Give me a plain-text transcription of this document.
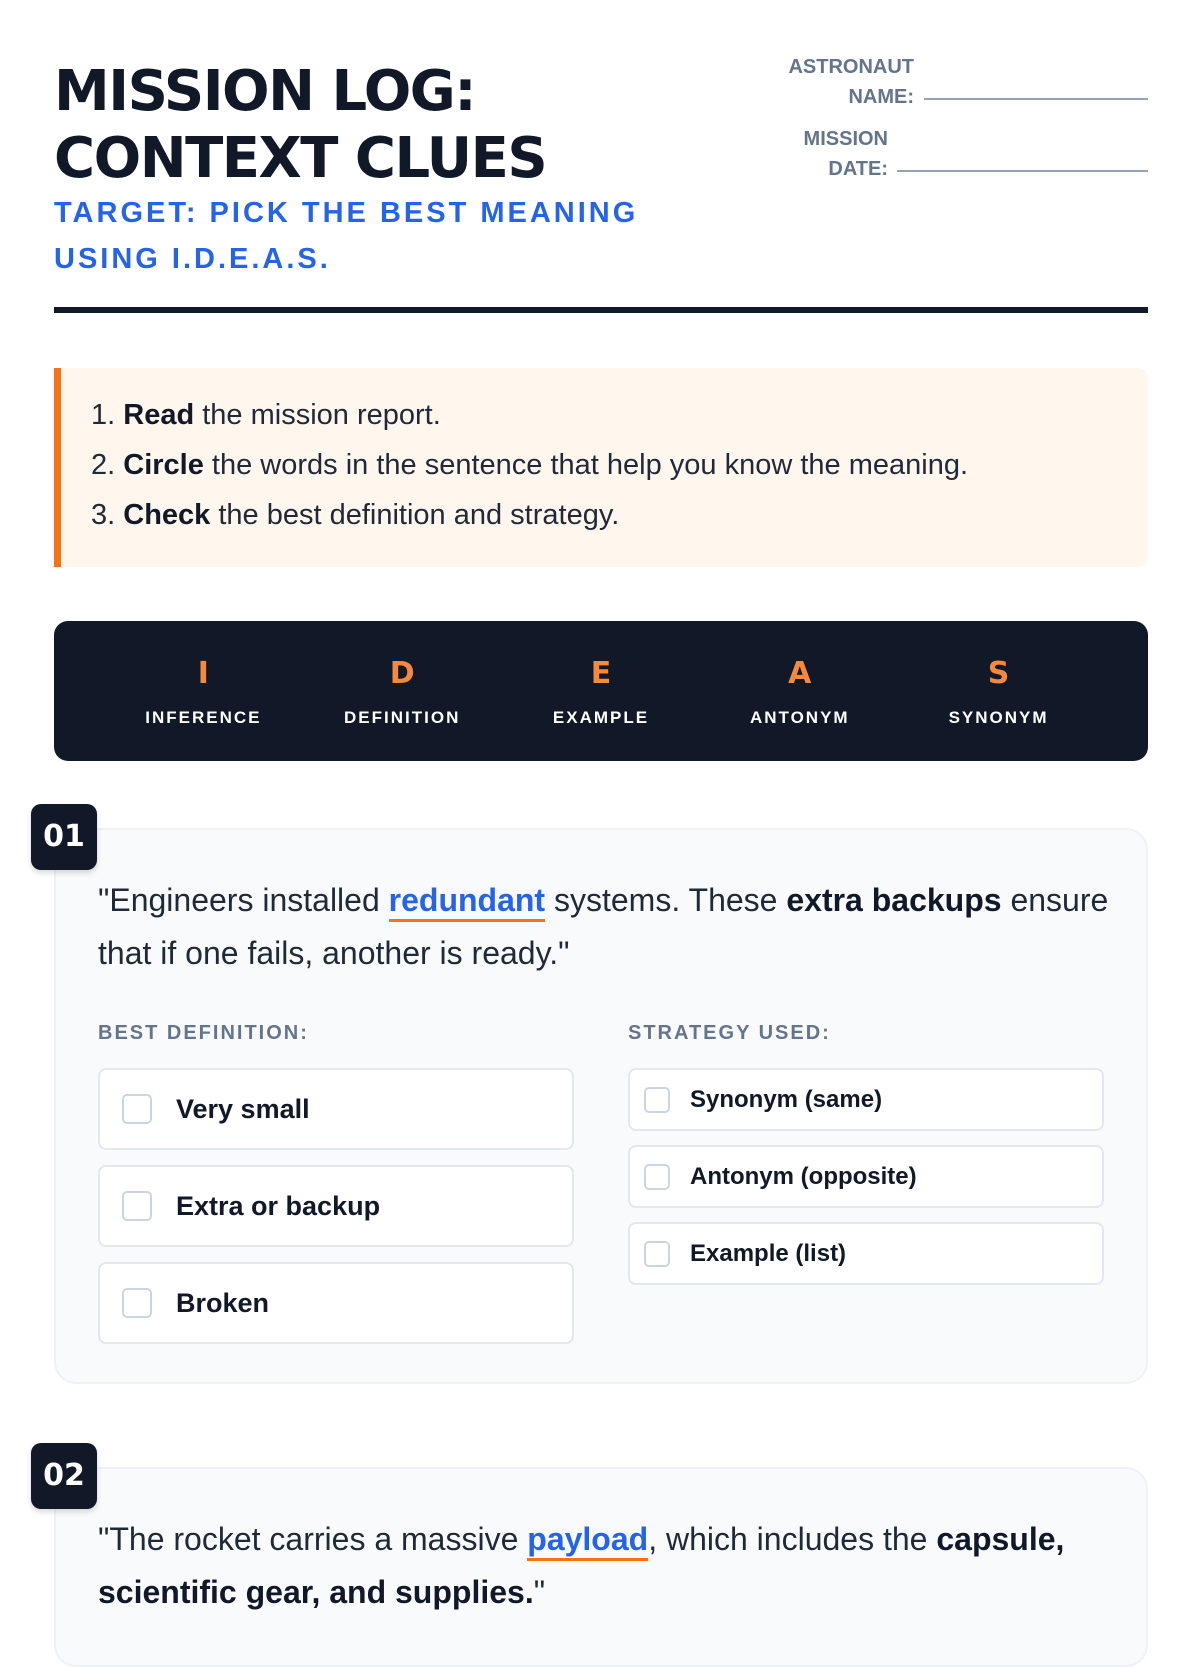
MISSION LOG:
CONTEXT CLUES
TARGET: PICK THE BEST MEANING USING I.D.E.A.S.
ASTRONAUT
NAME:
MISSION
DATE:
1. Read the mission report.
2. Circle the words in the sentence that help you know the meaning.
3. Check the best definition and strategy.
I
INFERENCE
D
DEFINITION
E
EXAMPLE
A
ANTONYM
S
SYNONYM
"Engineers installed redundant systems. These extra backups ensure that if one fails, another is ready."
BEST DEFINITION:	STRATEGY USED:
Very small
Extra or backup
Broken
Synonym (same)
Antonym (opposite)
Example (list)
01
"The rocket carries a massive payload, which includes the capsule, scientific gear, and supplies."
02
